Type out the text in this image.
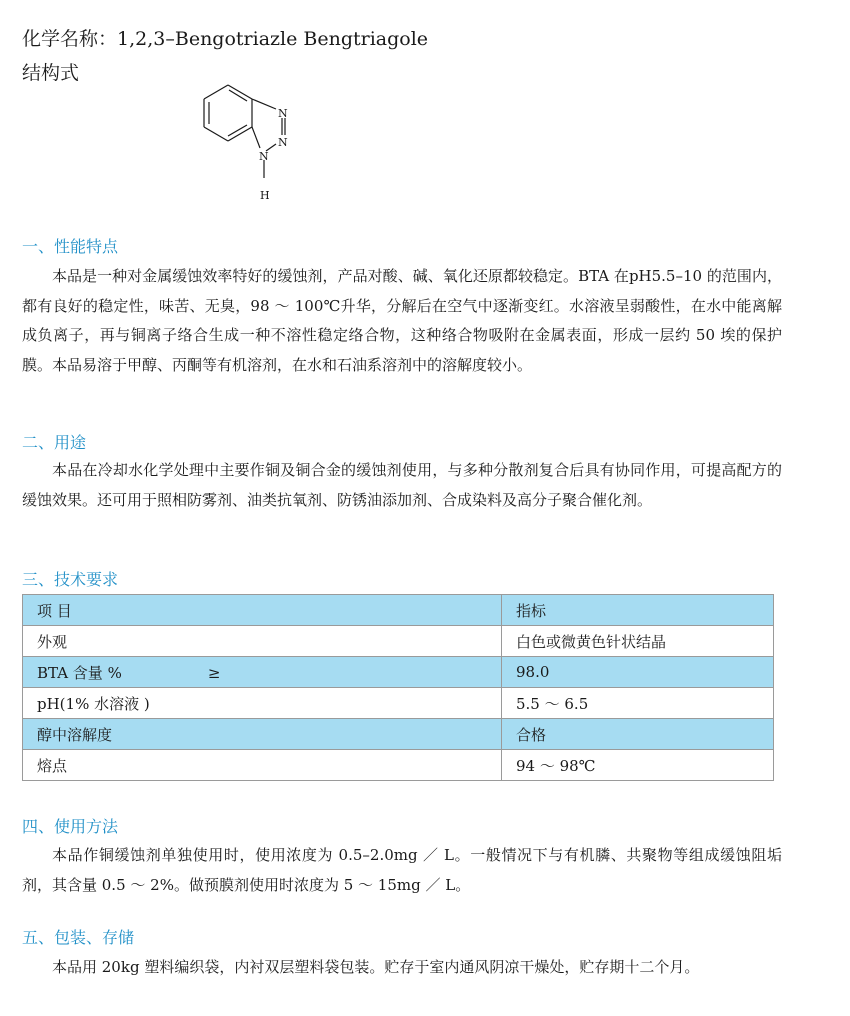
化学名称：1,2,3–Bengotriazle Bengtriagole
结构式
N
N
N
H
一、性能特点
本品是一种对金属缓蚀效率特好的缓蚀剂，产品对酸、碱、氧化还原都较稳定。BTA 在pH5.5–10 的范围内，都有良好的稳定性，味苦、无臭，98 ～ 100℃升华，分解后在空气中逐渐变红。水溶液呈弱酸性，在水中能离解成负离子，再与铜离子络合生成一种不溶性稳定络合物，这种络合物吸附在金属表面，形成一层约 50 埃的保护膜。本品易溶于甲醇、丙酮等有机溶剂，在水和石油系溶剂中的溶解度较小。
二、用途
本品在冷却水化学处理中主要作铜及铜合金的缓蚀剂使用，与多种分散剂复合后具有协同作用，可提高配方的缓蚀效果。还可用于照相防雾剂、油类抗氧剂、防锈油添加剂、合成染料及高分子聚合催化剂。
三、技术要求
项 目	指标
外观	白色或微黄色针状结晶
BTA 含量 % ≥	98.0
pH(1% 水溶液 )	5.5 ～ 6.5
醇中溶解度	合格
熔点	94 ～ 98℃
四、使用方法
本品作铜缓蚀剂单独使用时，使用浓度为 0.5–2.0mg ／ L。一般情况下与有机膦、共聚物等组成缓蚀阻垢剂，其含量 0.5 ～ 2%。做预膜剂使用时浓度为 5 ～ 15mg ／ L。
五、包装、存储
本品用 20kg 塑料编织袋，内衬双层塑料袋包装。贮存于室内通风阴凉干燥处，贮存期十二个月。
